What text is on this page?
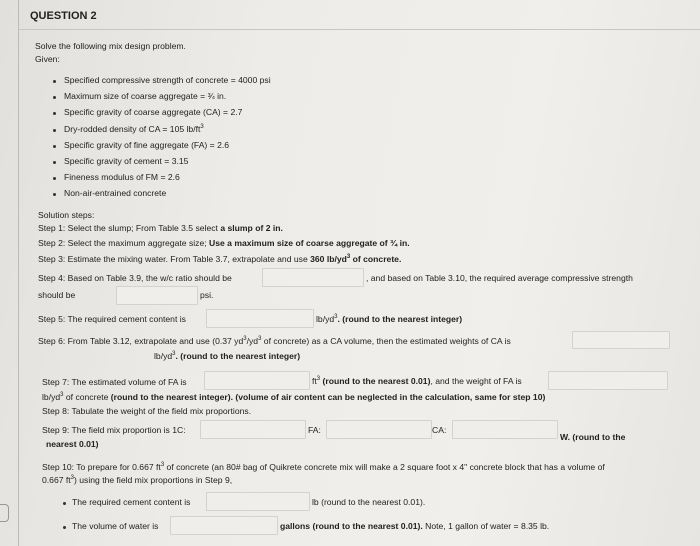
QUESTION 2
Solve the following mix design problem.
Given:
Specified compressive strength of concrete = 4000 psi
Maximum size of coarse aggregate = ¾ in.
Specific gravity of coarse aggregate (CA) = 2.7
Dry-rodded density of CA = 105 $lb/ft^3$
Specific gravity of fine aggregate (FA) = 2.6
Specific gravity of cement = 3.15
Fineness modulus of FM = 2.6
Non-air-entrained concrete
Solution steps:
Step 1: Select the slump; From Table 3.5 select a slump of 2 in.
Step 2: Select the maximum aggregate size; Use a maximum size of coarse aggregate of ¾ in.
Step 3: Estimate the mixing water. From Table 3.7, extrapolate and use 360 $lb/yd^3$ of concrete.
Step 4: Based on Table 3.9, the w/c ratio should be	, and based on Table 3.10, the required average compressive strength
should be	psi.
Step 5: The required cement content is	$lb/yd^3$. (round to the nearest integer)
Step 6: From Table 3.12, extrapolate and use (0.37 $yd^3/yd^3$ of concrete) as a CA volume, then the estimated weights of CA is
$lb/yd^3$. (round to the nearest integer)
Step 7: The estimated volume of FA is	$ft^3$ (round to the nearest 0.01), and the weight of FA is
$lb/yd^3$ of concrete (round to the nearest integer). (volume of air content can be neglected in the calculation, same for step 10)
Step 8: Tabulate the weight of the field mix proportions.
Step 9: The field mix proportion is 1C:	FA:	CA:
W. (round to the
nearest 0.01)
Step 10: To prepare for 0.667 $ft^3$ of concrete (an 80# bag of Quikrete concrete mix will make a 2 square foot x 4" concrete block that has a volume of
0.667 $ft^3$) using the field mix proportions in Step 9,
The required cement content is	lb (round to the nearest 0.01).
The volume of water is	gallons (round to the nearest 0.01). Note, 1 gallon of water = 8.35 lb.
